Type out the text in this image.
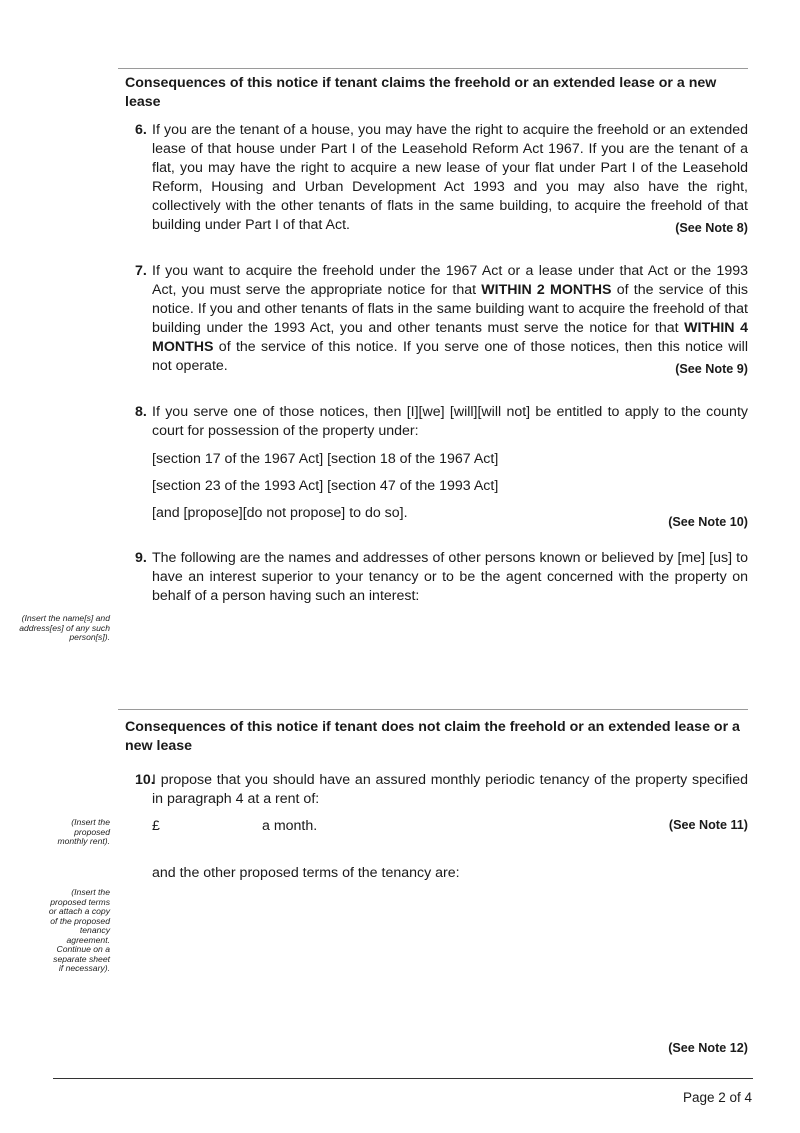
Consequences of this notice if tenant claims the freehold or an extended lease or a new lease
6. If you are the tenant of a house, you may have the right to acquire the freehold or an extended lease of that house under Part I of the Leasehold Reform Act 1967. If you are the tenant of a flat, you may have the right to acquire a new lease of your flat under Part I of the Leasehold Reform, Housing and Urban Development Act 1993 and you may also have the right, collectively with the other tenants of flats in the same building, to acquire the freehold of that building under Part I of that Act.	(See Note 8)
7. If you want to acquire the freehold under the 1967 Act or a lease under that Act or the 1993 Act, you must serve the appropriate notice for that WITHIN 2 MONTHS of the service of this notice. If you and other tenants of flats in the same building want to acquire the freehold of that building under the 1993 Act, you and other tenants must serve the notice for that WITHIN 4 MONTHS of the service of this notice. If you serve one of those notices, then this notice will not operate.	(See Note 9)
8. If you serve one of those notices, then [I][we] [will][will not] be entitled to apply to the county court for possession of the property under:
[section 17 of the 1967 Act] [section 18 of the 1967 Act]
[section 23 of the 1993 Act] [section 47 of the 1993 Act]
[and [propose][do not propose] to do so].
(See Note 10)
9. The following are the names and addresses of other persons known or believed by [me] [us] to have an interest superior to your tenancy or to be the agent concerned with the property on behalf of a person having such an interest:
(Insert the name[s] and address[es] of any such person[s]).
Consequences of this notice if tenant does not claim the freehold or an extended lease or a new lease
10.
I propose that you should have an assured monthly periodic tenancy of the property specified in paragraph 4 at a rent of:
(Insert the proposed monthly rent).
£	a month.	(See Note 11)
and the other proposed terms of the tenancy are:
(Insert the proposed terms or attach a copy of the proposed tenancy agreement. Continue on a separate sheet if necessary).
(See Note 12)
Page 2 of 4
